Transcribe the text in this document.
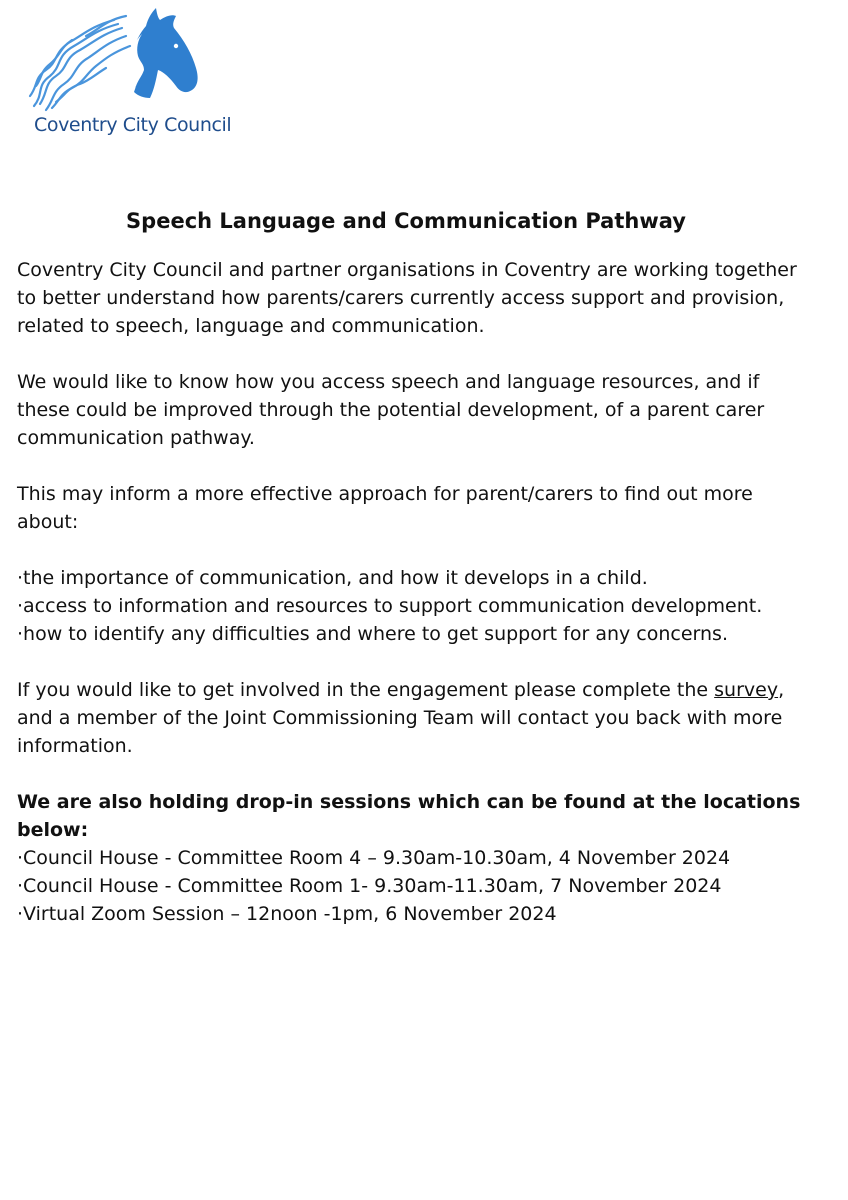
Coventry City Council
Speech Language and Communication Pathway

Coventry City Council and partner organisations in Coventry are working together to better understand how parents/carers currently access support and provision, related to speech, language and communication.

We would like to know how you access speech and language resources, and if these could be improved through the potential development, of a parent carer communication pathway.

This may inform a more effective approach for parent/carers to find out more about:

·the importance of communication, and how it develops in a child.
·access to information and resources to support communication development.
·how to identify any difficulties and where to get support for any concerns.

If you would like to get involved in the engagement please complete the survey, and a member of the Joint Commissioning Team will contact you back with more information.

We are also holding drop-in sessions which can be found at the locations below:
·Council House - Committee Room 4 – 9.30am-10.30am, 4 November 2024
·Council House - Committee Room 1- 9.30am-11.30am, 7 November 2024
·Virtual Zoom Session – 12noon -1pm, 6 November 2024
